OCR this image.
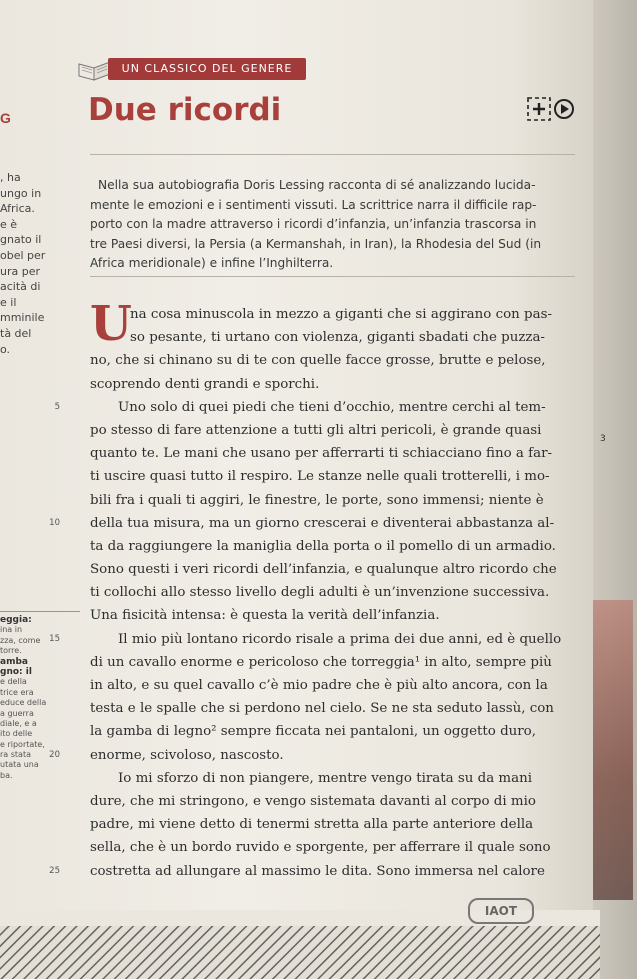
UN CLASSICO DEL GENERE
G Due ricordi

Nella sua autobiografia Doris Lessing racconta di sé analizzando lucida-

mente le emozioni e i sentimenti vissuti. La scrittrice narra il difficile rap-

porto con la madre attraverso i ricordi d’infanzia, un’infanzia trascorsa in

tre Paesi diversi, la Persia (a Kermanshah, in Iran), la Rhodesia del Sud (in

Africa meridionale) e infine l’Inghilterra.

, ha
ungo in
Africa.
e è
gnato il
obel per
ura per
acità di
e il
mminile
tà del
o.
eggia:
ina in
zza, come
torre.
amba
gno: il
e della
trice era
educe della
a guerra
diale, e a
ito delle
e riportate,
ra stata
utata una
ba.
U
na cosa minuscola in mezzo a giganti che si aggirano con pas-
so pesante, ti urtano con violenza, giganti sbadati che puzza-
no, che si chinano su di te con quelle facce grosse, brutte e pelose,
scoprendo denti grandi e sporchi.
5	Uno solo di quei piedi che tieni d’occhio, mentre cerchi al tem-
po stesso di fare attenzione a tutti gli altri pericoli, è grande quasi
quanto te. Le mani che usano per afferrarti ti schiacciano fino a far-
ti uscire quasi tutto il respiro. Le stanze nelle quali trotterelli, i mo-
bili fra i quali ti aggiri, le finestre, le porte, sono immensi; niente è
10 della tua misura, ma un giorno crescerai e diventerai abbastanza al-
ta da raggiungere la maniglia della porta o il pomello di un armadio.
Sono questi i veri ricordi dell’infanzia, e qualunque altro ricordo che
ti collochi allo stesso livello degli adulti è un’invenzione successiva.
Una fisicità intensa: è questa la verità dell’infanzia.
15	Il mio più lontano ricordo risale a prima dei due anni, ed è quello
di un cavallo enorme e pericoloso che torreggia¹ in alto, sempre più
in alto, e su quel cavallo c’è mio padre che è più alto ancora, con la
testa e le spalle che si perdono nel cielo. Se ne sta seduto lassù, con
la gamba di legno² sempre ficcata nei pantaloni, un oggetto duro,
20 enorme, scivoloso, nascosto.
Io mi sforzo di non piangere, mentre vengo tirata su da mani
dure, che mi stringono, e vengo sistemata davanti al corpo di mio
padre, mi viene detto di tenermi stretta alla parte anteriore della
sella, che è un bordo ruvido e sporgente, per afferrare il quale sono
25 costretta ad allungare al massimo le dita. Sono immersa nel calore
3
IAOT
